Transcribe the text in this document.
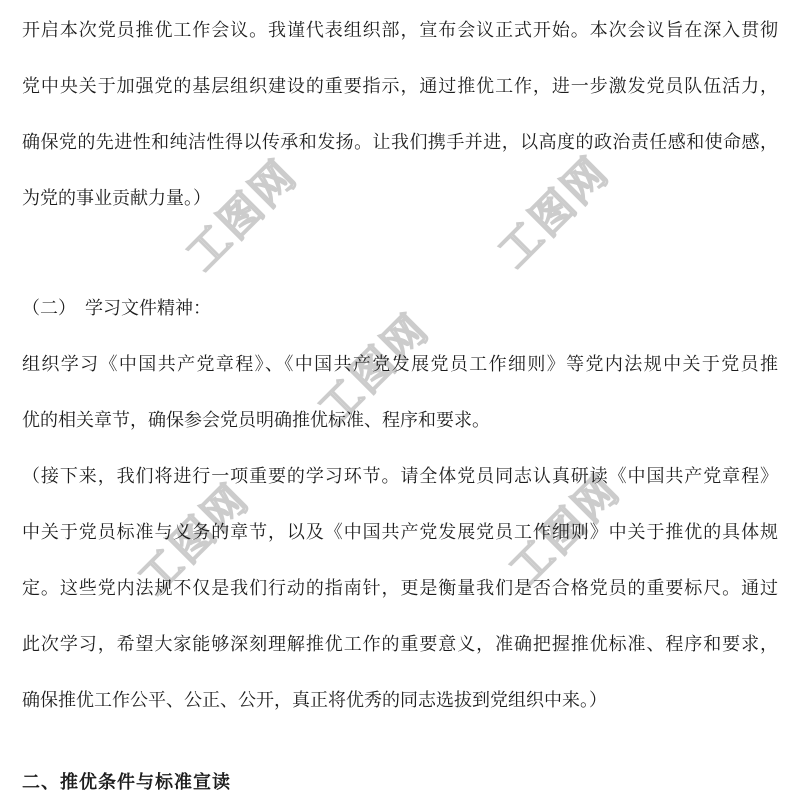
工图网	工图网
工图网
工图网
工图网
开启本次党员推优工作会议。我谨代表组织部，宣布会议正式开始。本次会议旨在深入贯彻
党中央关于加强党的基层组织建设的重要指示，通过推优工作，进一步激发党员队伍活力，
确保党的先进性和纯洁性得以传承和发扬。让我们携手并进，以高度的政治责任感和使命感，
为党的事业贡献力量。）
（二）　学习文件精神：
组织学习《中国共产党章程》、《中国共产党发展党员工作细则》等党内法规中关于党员推
优的相关章节，确保参会党员明确推优标准、程序和要求。
（接下来，我们将进行一项重要的学习环节。请全体党员同志认真研读《中国共产党章程》
中关于党员标准与义务的章节，以及《中国共产党发展党员工作细则》中关于推优的具体规
定。这些党内法规不仅是我们行动的指南针，更是衡量我们是否合格党员的重要标尺。通过
此次学习，希望大家能够深刻理解推优工作的重要意义，准确把握推优标准、程序和要求，
确保推优工作公平、公正、公开，真正将优秀的同志选拔到党组织中来。）
二、推优条件与标准宣读
